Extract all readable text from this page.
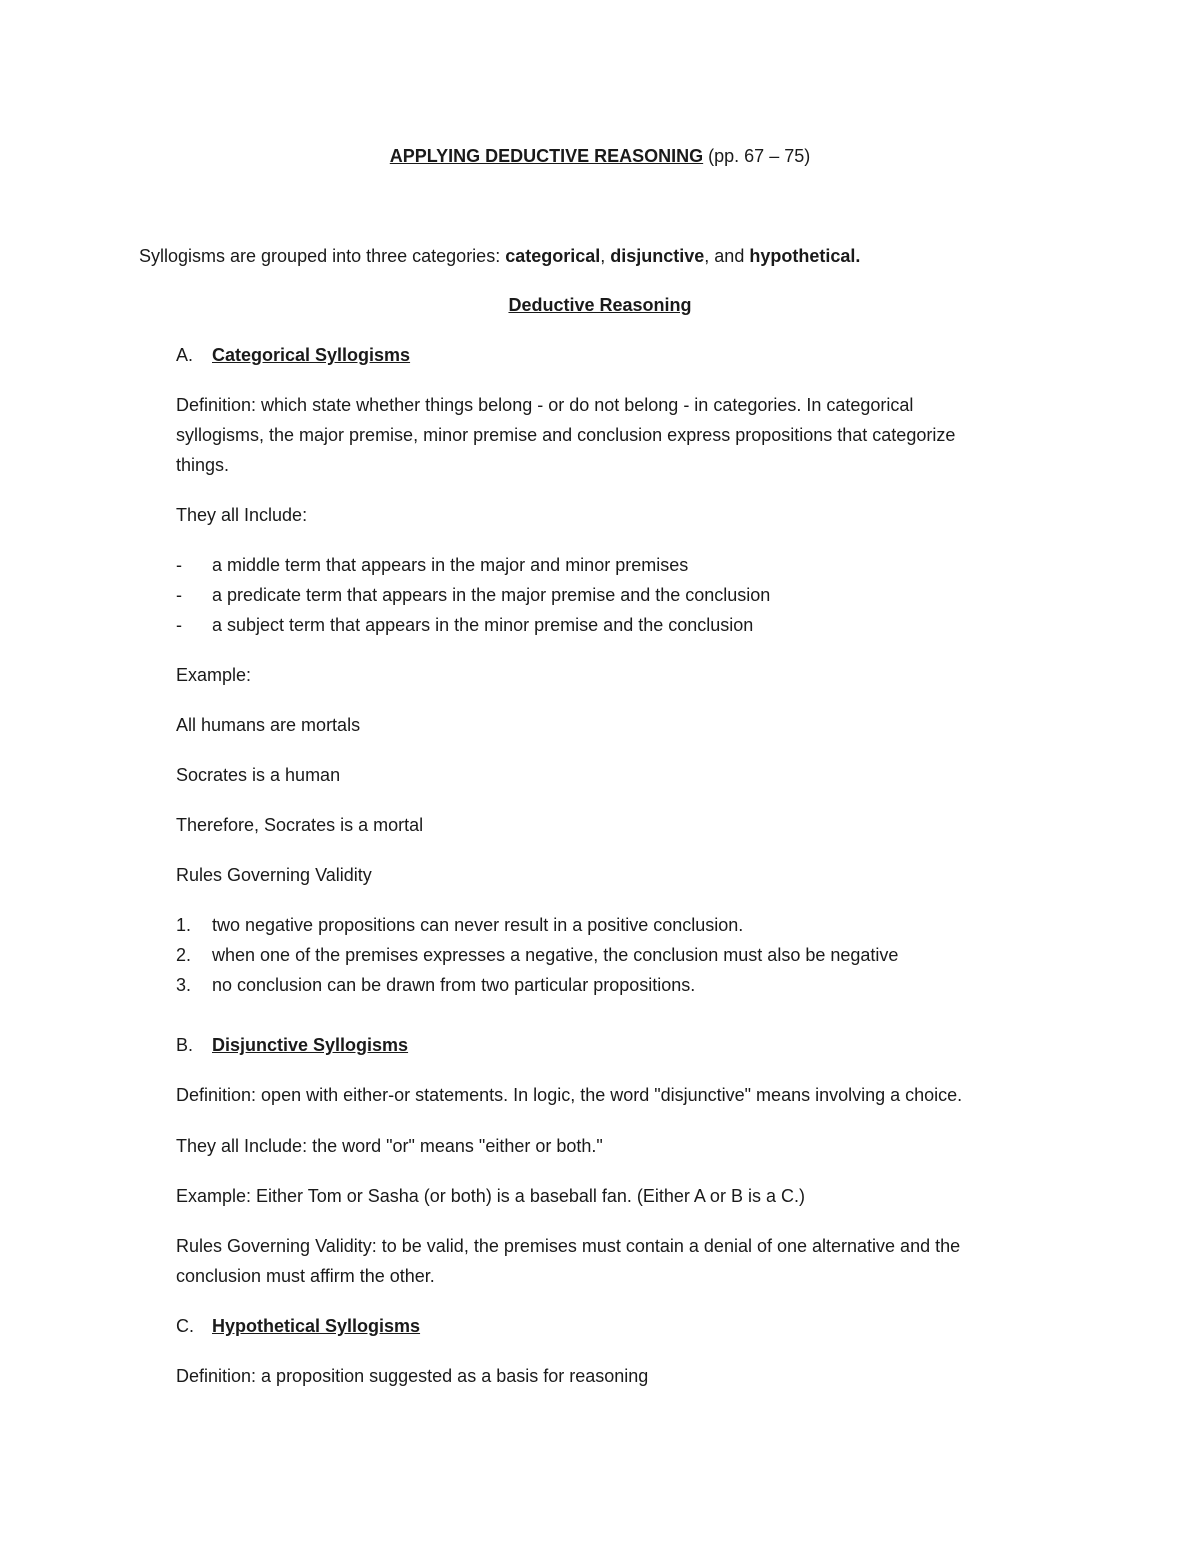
APPLYING DEDUCTIVE REASONING (pp. 67 – 75)
Syllogisms are grouped into three categories: categorical, disjunctive, and hypothetical.
Deductive Reasoning
A. Categorical Syllogisms
Definition: which state whether things belong - or do not belong - in categories. In categorical
syllogisms, the major premise, minor premise and conclusion express propositions that categorize
things.
They all Include:
- a middle term that appears in the major and minor premises
- a predicate term that appears in the major premise and the conclusion
- a subject term that appears in the minor premise and the conclusion
Example:
All humans are mortals
Socrates is a human
Therefore, Socrates is a mortal
Rules Governing Validity
1. two negative propositions can never result in a positive conclusion.
2. when one of the premises expresses a negative, the conclusion must also be negative
3. no conclusion can be drawn from two particular propositions.
B. Disjunctive Syllogisms
Definition: open with either-or statements. In logic, the word "disjunctive" means involving a choice.
They all Include: the word "or" means "either or both."
Example: Either Tom or Sasha (or both) is a baseball fan. (Either A or B is a C.)
Rules Governing Validity: to be valid, the premises must contain a denial of one alternative and the
conclusion must affirm the other.
C. Hypothetical Syllogisms
Definition: a proposition suggested as a basis for reasoning
